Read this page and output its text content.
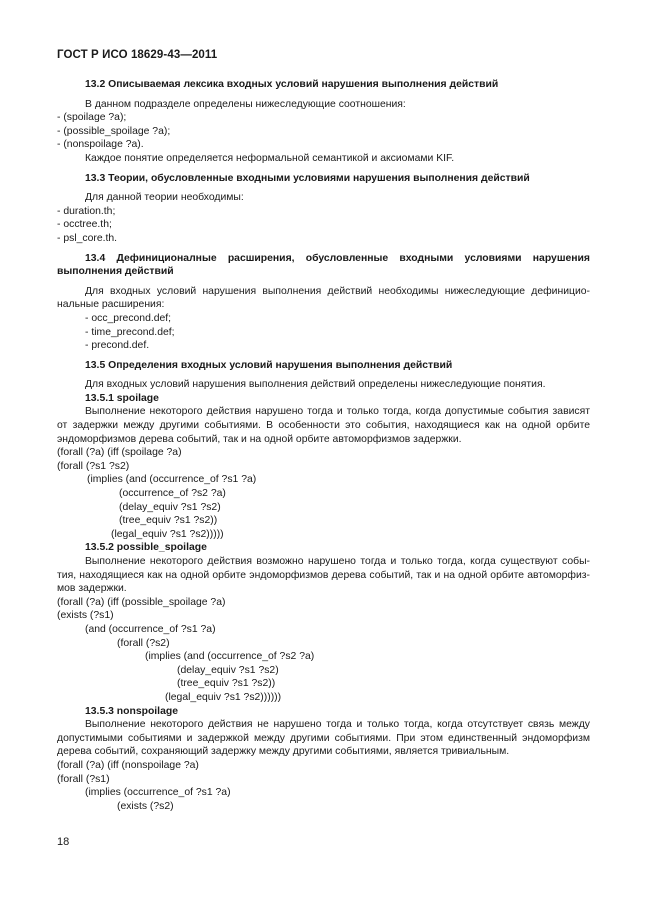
ГОСТ Р ИСО 18629-43—2011

13.2 Описываемая лексика входных условий нарушения выполнения действий

В данном подразделе определены нижеследующие соотношения:

- (spoilage ?a);

- (possible_spoilage ?a);

- (nonspoilage ?a).

Каждое понятие определяется неформальной семантикой и аксиомами KIF.

13.3 Теории, обусловленные входными условиями нарушения выполнения действий

Для данной теории необходимы:

- duration.th;

- occtree.th;

- psl_core.th.

13.4 Дефиниционалные расширения, обусловленные входными условиями нарушения

выполнения действий

Для входных условий нарушения выполнения действий необходимы нижеследующие дефиницио-

нальные расширения:

- occ_precond.def;

- time_precond.def;

- precond.def.

13.5 Определения входных условий нарушения выполнения действий

Для входных условий нарушения выполнения действий определены нижеследующие понятия.

13.5.1 spoilage

Выполнение некоторого действия нарушено тогда и только тогда, когда допустимые события зависят

от задержки между другими событиями. В особенности это события, находящиеся как на одной орбите

эндоморфизмов дерева событий, так и на одной орбите автоморфизмов задержки.

(forall (?a) (iff (spoilage ?a)

(forall (?s1 ?s2)

(implies (and (occurrence_of ?s1 ?a)

(occurrence_of ?s2 ?a)

(delay_equiv ?s1 ?s2)

(tree_equiv ?s1 ?s2))

(legal_equiv ?s1 ?s2)))))

13.5.2 possible_spoilage

Выполнение некоторого действия возможно нарушено тогда и только тогда, когда существуют собы-

тия, находящиеся как на одной орбите эндоморфизмов дерева событий, так и на одной орбите автоморфиз-

мов задержки.

(forall (?a) (iff (possible_spoilage ?a)

(exists (?s1)

(and (occurrence_of ?s1 ?a)

(forall (?s2)

(implies (and (occurrence_of ?s2 ?a)

(delay_equiv ?s1 ?s2)

(tree_equiv ?s1 ?s2))

(legal_equiv ?s1 ?s2))))))

13.5.3 nonspoilage

Выполнение некоторого действия не нарушено тогда и только тогда, когда отсутствует связь между

допустимыми событиями и задержкой между другими событиями. При этом единственный эндоморфизм

дерева событий, сохраняющий задержку между другими событиями, является тривиальным.

(forall (?a) (iff (nonspoilage ?a)

(forall (?s1)

(implies (occurrence_of ?s1 ?a)

(exists (?s2)

18
